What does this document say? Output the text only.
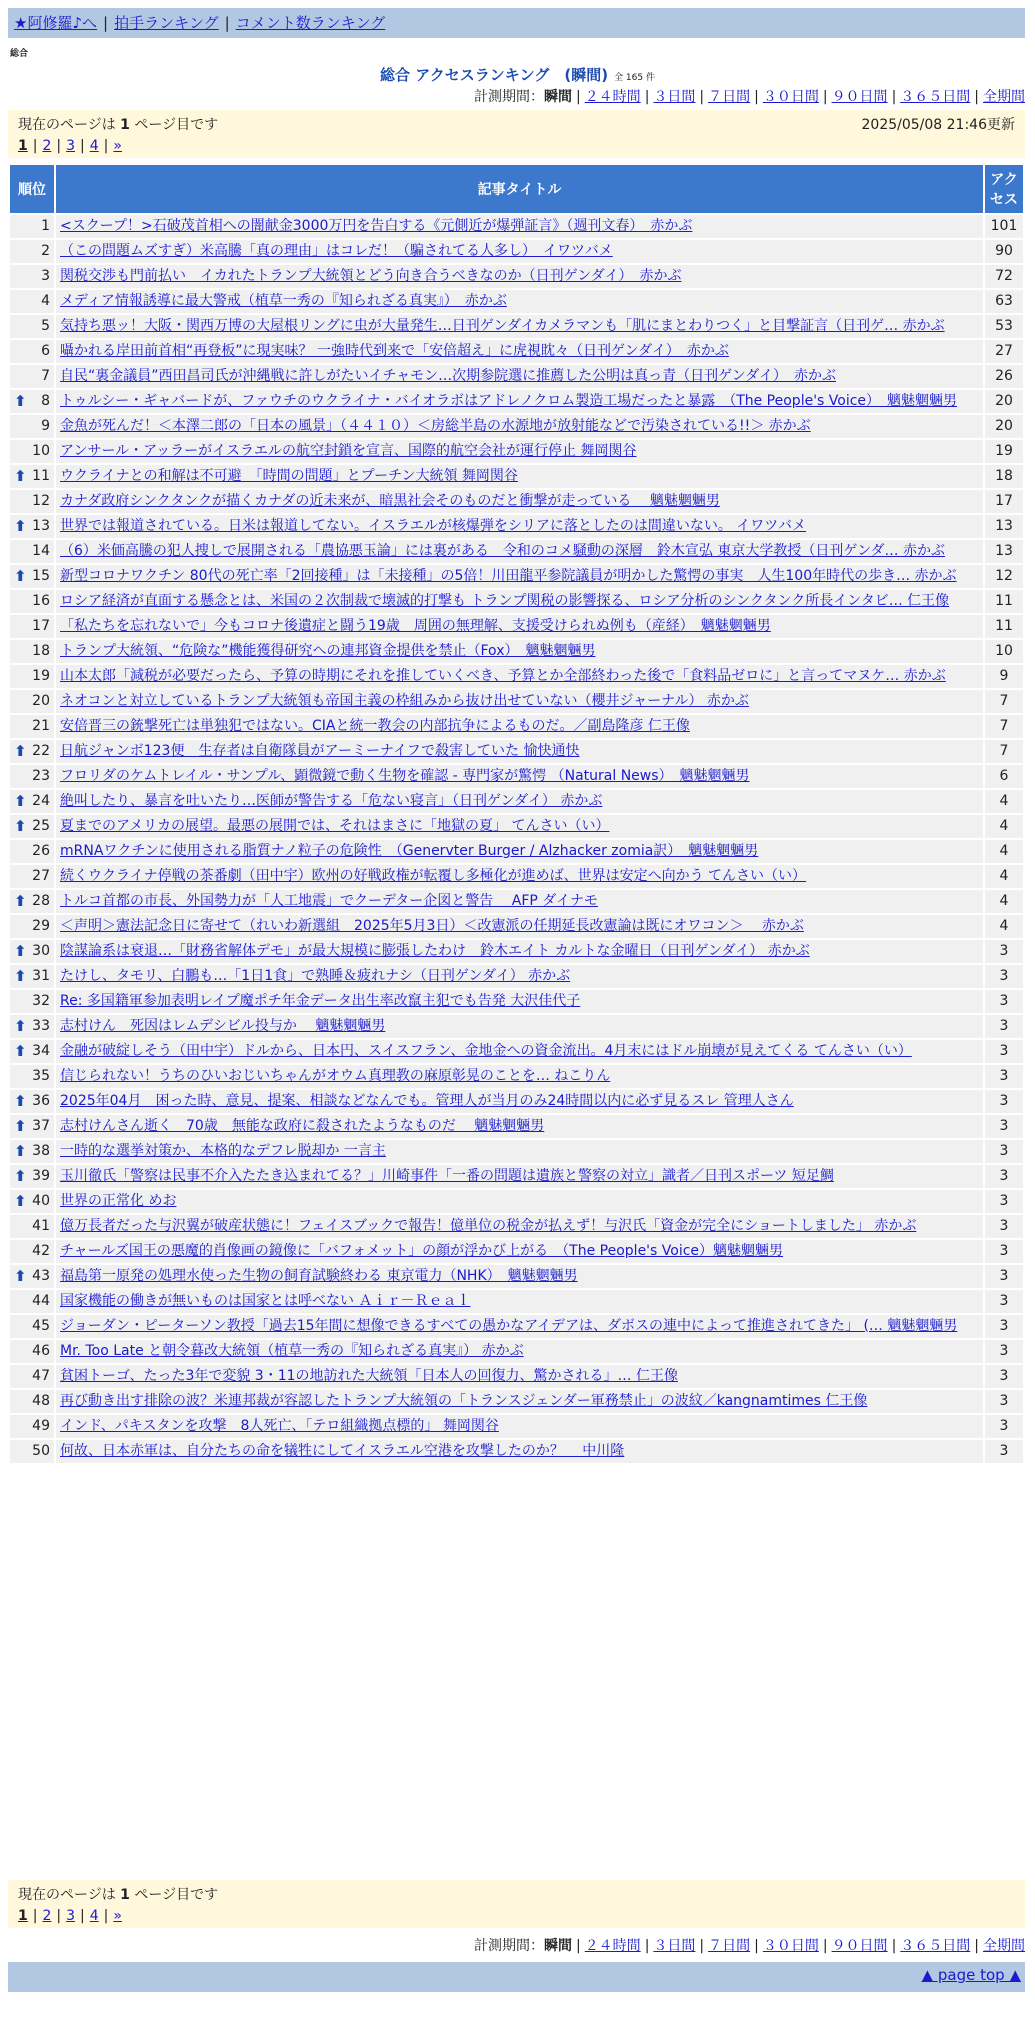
★阿修羅♪へ | 拍手ランキング | コメント数ランキング
総合
総合 アクセスランキング　(瞬間) 全 165 件
計測期間：瞬間 | ２４時間 | ３日間 | ７日間 | ３０日間 | ９０日間 | ３６５日間 | 全期間
現在のページは 1 ページ目です	2025/05/08 21:46更新
1 | 2 | 3 | 4 | »
順位	記事タイトル	アクセス
1	<スクープ！>石破茂首相への闇献金3000万円を告白する《元側近が爆弾証言》（週刊文春）　赤かぶ	101
2	（この問題ムズすぎ）米高騰「真の理由」はコレだ！（騙されてる人多し）　イワツバメ	90
3	関税交渉も門前払い　イカれたトランプ大統領とどう向き合うべきなのか（日刊ゲンダイ）　赤かぶ	72
4	メディア情報誘導に最大警戒（植草一秀の『知られざる真実』）　赤かぶ	63
5	気持ち悪ッ！大阪・関西万博の大屋根リングに虫が大量発生…日刊ゲンダイカメラマンも「肌にまとわりつく」と目撃証言（日刊ゲ… 赤かぶ	53
6	囁かれる岸田前首相“再登板”に現実味？ 一強時代到来で「安倍超え」に虎視眈々（日刊ゲンダイ）　赤かぶ	27
7	自民“裏金議員”西田昌司氏が沖縄戦に許しがたいイチャモン…次期参院選に推薦した公明は真っ青（日刊ゲンダイ）　赤かぶ	26

⬆ 8	トゥルシー・ギャバードが、ファウチのウクライナ・バイオラボはアドレノクロム製造工場だったと暴露　（The People's Voice）　魑魅魍魎男	20
9	金魚が死んだ！＜本澤二郎の「日本の風景」（４４１０）＜房総半島の水源地が放射能などで汚染されている!!＞ 赤かぶ	20
10	アンサール・アッラーがイスラエルの航空封鎖を宣言、国際的航空会社が運行停止 舞岡関谷	19

⬆ 11	ウクライナとの和解は不可避　「時間の問題」とプーチン大統領 舞岡関谷	18
12	カナダ政府シンクタンクが描くカナダの近未来が、暗黒社会そのものだと衝撃が走っている　 魑魅魍魎男	17

⬆ 13	世界では報道されている。日米は報道してない。イスラエルが核爆弾をシリアに落としたのは間違いない。 イワツバメ	13
14	（6）米価高騰の犯人捜しで展開される「農協悪玉論」には裏がある　令和のコメ騒動の深層　鈴木宣弘 東京大学教授（日刊ゲンダ… 赤かぶ	13

⬆ 15	新型コロナワクチン 80代の死亡率「2回接種」は「未接種」の5倍！川田龍平参院議員が明かした驚愕の事実　人生100年時代の歩き… 赤かぶ	12
16	ロシア経済が直面する懸念とは、米国の２次制裁で壊滅的打撃も トランプ関税の影響探る、ロシア分析のシンクタンク所長インタビ… 仁王像	11
17	「私たちを忘れないで」今もコロナ後遺症と闘う19歳　周囲の無理解、支援受けられぬ例も（産経）　魑魅魍魎男	11
18	トランプ大統領、“危険な”機能獲得研究への連邦資金提供を禁止（Fox）　魑魅魍魎男	10
19	山本太郎「減税が必要だったら、予算の時期にそれを推していくべき、予算とか全部終わった後で「食料品ゼロに」と言ってマヌケ… 赤かぶ	9
20	ネオコンと対立しているトランプ大統領も帝国主義の枠組みから抜け出せていない（櫻井ジャーナル） 赤かぶ	7
21	安倍晋三の銃撃死亡は単独犯ではない。CIAと統一教会の内部抗争によるものだ。／副島隆彦 仁王像	7

⬆ 22	日航ジャンボ123便　生存者は自衛隊員がアーミーナイフで殺害していた 愉快通快	7
23	フロリダのケムトレイル・サンプル、顕微鏡で動く生物を確認 - 専門家が驚愕 （Natural News）　魑魅魍魎男	6

⬆ 24	絶叫したり、暴言を吐いたり…医師が警告する「危ない寝言」（日刊ゲンダイ） 赤かぶ	4

⬆ 25	夏までのアメリカの展望。最悪の展開では、それはまさに「地獄の夏」 てんさい（い）	4
26	mRNAワクチンに使用される脂質ナノ粒子の危険性　（Genervter Burger / Alzhacker zomia訳）　魑魅魍魎男	4
27	続くウクライナ停戦の茶番劇（田中宇）欧州の好戦政権が転覆し多極化が進めば、世界は安定へ向かう てんさい（い）	4

⬆ 28	トルコ首都の市長、外国勢力が「人工地震」でクーデター企図と警告　 AFP ダイナモ	4
29	＜声明＞憲法記念日に寄せて（れいわ新選組　2025年5月3日）＜改憲派の任期延長改憲論は既にオワコン＞　 赤かぶ	4

⬆ 30	陰謀論系は衰退…「財務省解体デモ」が最大規模に膨張したわけ　鈴木エイト カルトな金曜日（日刊ゲンダイ） 赤かぶ	3

⬆ 31	たけし、タモリ、白鵬も…「1日1食」で熟睡＆疲れナシ（日刊ゲンダイ） 赤かぶ	3
32	Re: 多国籍軍参加表明レイプ魔ポチ年金データ出生率改竄主犯でも告発 大沢佳代子	3

⬆ 33	志村けん　死因はレムデシビル投与か　 魑魅魍魎男	3

⬆ 34	金融が破綻しそう（田中宇）ドルから、日本円、スイスフラン、金地金への資金流出。4月末にはドル崩壊が見えてくる てんさい（い）	3
35	信じられない！うちのひいおじいちゃんがオウム真理教の麻原彰晃のことを… ねこりん	3

⬆ 36	2025年04月　困った時、意見、提案、相談などなんでも。管理人が当月のみ24時間以内に必ず見るスレ 管理人さん	3

⬆ 37	志村けんさん逝く　70歳　無能な政府に殺されたようなものだ　 魑魅魍魎男	3

⬆ 38	一時的な選挙対策か、本格的なデフレ脱却か 一言主	3

⬆ 39	玉川徹氏「警察は民事不介入たたき込まれてる？」川崎事件「一番の問題は遺族と警察の対立」識者／日刊スポーツ 短足鯛	3

⬆ 40	世界の正常化 めお	3
41	億万長者だった与沢翼が破産状態に！フェイスブックで報告！億単位の税金が払えず！与沢氏「資金が完全にショートしました」 赤かぶ	3
42	チャールズ国王の悪魔的肖像画の鏡像に「バフォメット」の顔が浮かび上がる　（The People's Voice）魑魅魍魎男	3

⬆ 43	福島第一原発の処理水使った生物の飼育試験終わる 東京電力（NHK）　魑魅魍魎男	3
44	国家機能の働きが無いものは国家とは呼べない Ａｉｒ－Ｒｅａｌ	3
45	ジョーダン・ピーターソン教授「過去15年間に想像できるすべての愚かなアイデアは、ダボスの連中によって推進されてきた」 (… 魑魅魍魎男	3
46	Mr. Too Late と朝令暮改大統領（植草一秀の『知られざる真実』） 赤かぶ	3
47	貧困トーゴ、たった3年で変貌 3・11の地訪れた大統領「日本人の回復力、驚かされる」… 仁王像	3
48	再び動き出す排除の波？米連邦裁が容認したトランプ大統領の「トランスジェンダー軍務禁止」の波紋／kangnamtimes 仁王像	3
49	インド、パキスタンを攻撃　8人死亡、「テロ組織拠点標的」 舞岡関谷	3
50	何故、日本赤軍は、自分たちの命を犠牲にしてイスラエル空港を攻撃したのか？　 中川隆	3
現在のページは 1 ページ目です
1 | 2 | 3 | 4 | »
計測期間：瞬間 | ２４時間 | ３日間 | ７日間 | ３０日間 | ９０日間 | ３６５日間 | 全期間
▲ page top ▲
